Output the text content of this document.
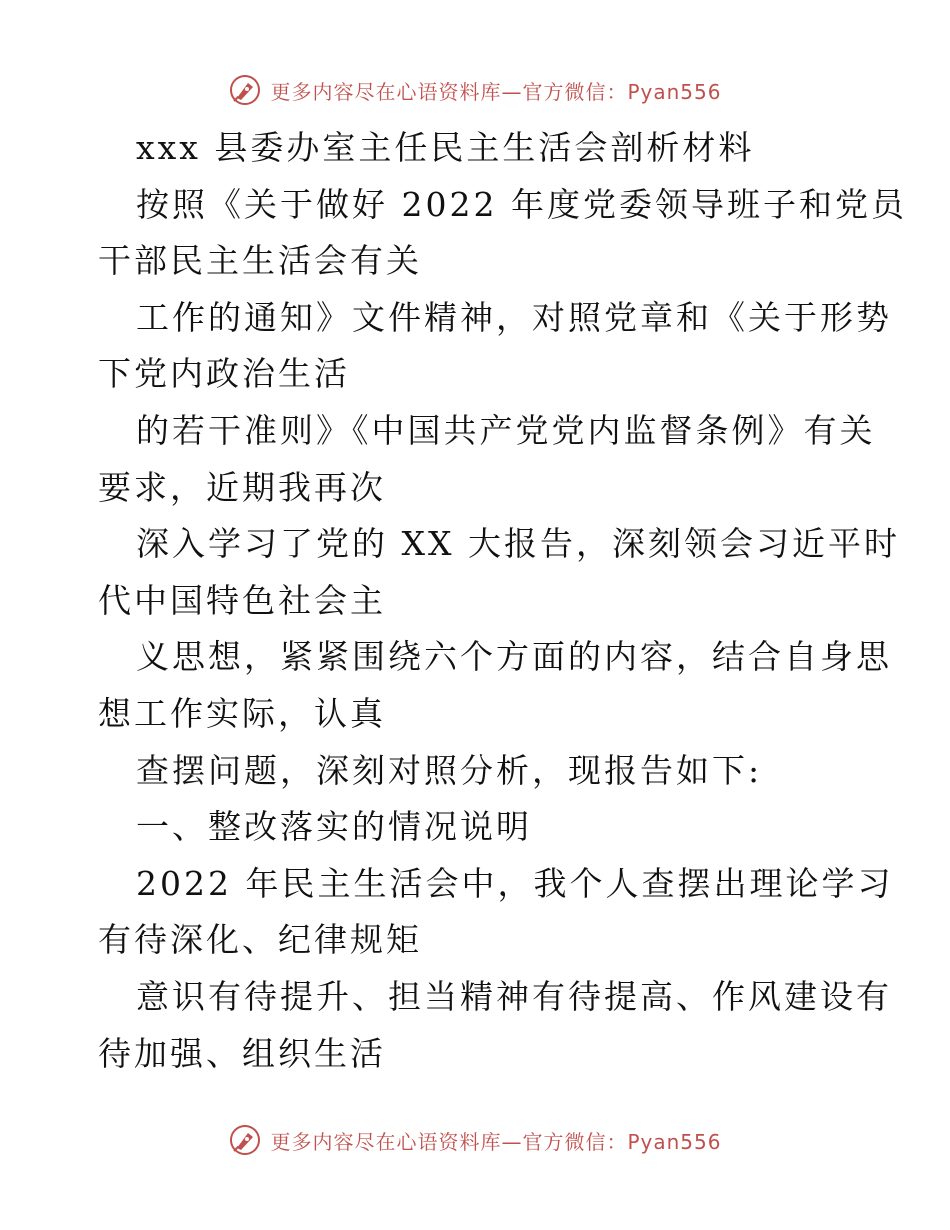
更多内容尽在心语资料库—官方微信：Pyan556
xxx 县委办室主任民主生活会剖析材料
按照《关于做好 2022 年度党委领导班子和党员
干部民主生活会有关
工作的通知》文件精神，对照党章和《关于形势
下党内政治生活
的若干准则》《中国共产党党内监督条例》有关
要求，近期我再次
深入学习了党的 XX 大报告，深刻领会习近平时
代中国特色社会主
义思想，紧紧围绕六个方面的内容，结合自身思
想工作实际，认真
查摆问题，深刻对照分析，现报告如下:
一、整改落实的情况说明
2022 年民主生活会中，我个人查摆出理论学习
有待深化、纪律规矩
意识有待提升、担当精神有待提高、作风建设有
待加强、组织生活
更多内容尽在心语资料库—官方微信：Pyan556
